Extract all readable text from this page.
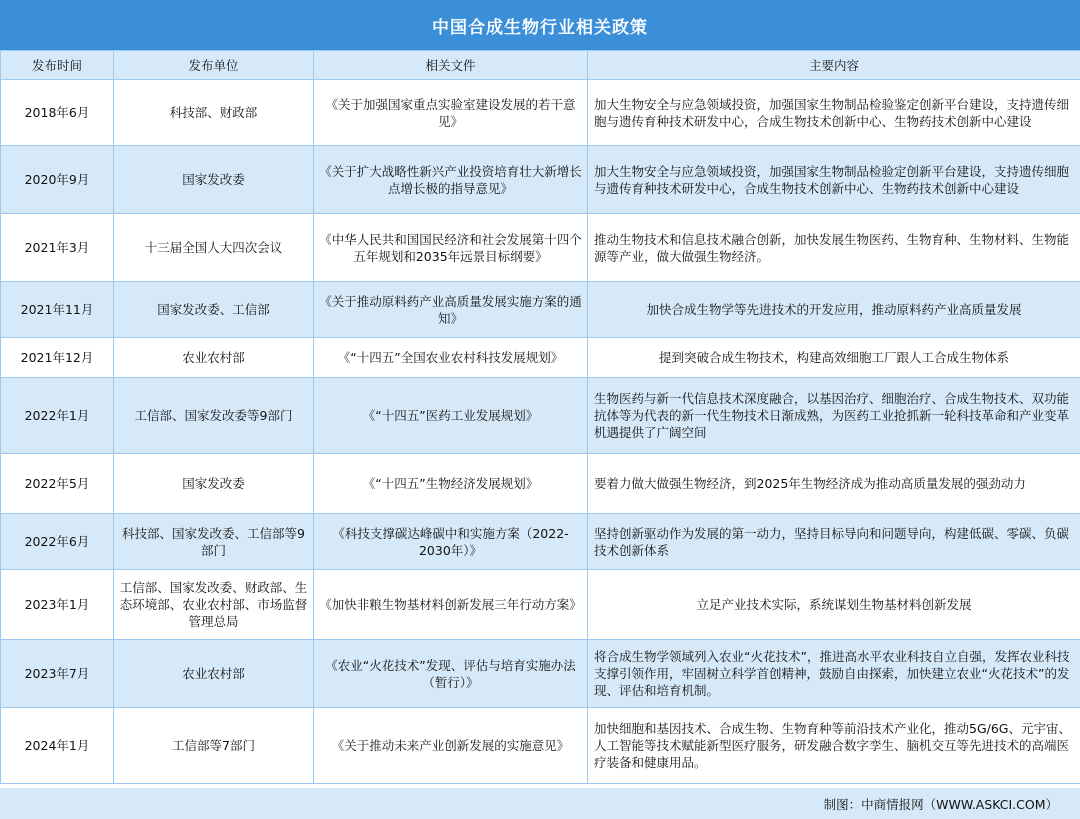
中国合成生物行业相关政策
发布时间	发布单位	相关文件	主要内容
2018年6月	科技部、财政部	《关于加强国家重点实验室建设发展的若干意见》	加大生物安全与应急领域投资，加强国家生物制品检验鉴定创新平台建设，支持遗传细胞与遗传育种技术研发中心，合成生物技术创新中心、生物药技术创新中心建设
2020年9月	国家发改委	《关于扩大战略性新兴产业投资培育壮大新增长点增长极的指导意见》	加大生物安全与应急领域投资，加强国家生物制品检验定创新平台建设，支持遗传细胞与遗传育种技术研发中心，合成生物技术创新中心、生物药技术创新中心建设
2021年3月	十三届全国人大四次会议	《中华人民共和国国民经济和社会发展第十四个五年规划和2035年远景目标纲要》	推动生物技术和信息技术融合创新，加快发展生物医药、生物育种、生物材料、生物能源等产业，做大做强生物经济。
2021年11月	国家发改委、工信部	《关于推动原料药产业高质量发展实施方案的通知》	加快合成生物学等先进技术的开发应用，推动原料药产业高质量发展
2021年12月	农业农村部	《“十四五”全国农业农村科技发展规划》	提到突破合成生物技术，构建高效细胞工厂跟人工合成生物体系
2022年1月	工信部、国家发改委等9部门	《“十四五”医药工业发展规划》	生物医药与新一代信息技术深度融合，以基因治疗、细胞治疗、合成生物技术、双功能抗体等为代表的新一代生物技术日渐成熟，为医药工业抢抓新一轮科技革命和产业变革机遇提供了广阔空间
2022年5月	国家发改委	《“十四五”生物经济发展规划》	要着力做大做强生物经济，到2025年生物经济成为推动高质量发展的强劲动力
2022年6月	科技部、国家发改委、工信部等9部门	《科技支撑碳达峰碳中和实施方案（2022-2030年）》	坚持创新驱动作为发展的第一动力，坚持目标导向和问题导向，构建低碳、零碳、负碳技术创新体系
2023年1月	工信部、国家发改委、财政部、生态环境部、农业农村部、市场监督管理总局	《加快非粮生物基材料创新发展三年行动方案》	立足产业技术实际，系统谋划生物基材料创新发展
2023年7月	农业农村部	《农业“火花技术”发现、评估与培育实施办法（暂行）》	将合成生物学领域列入农业“火花技术”，推进高水平农业科技自立自强，发挥农业科技支撑引领作用，牢固树立科学首创精神，鼓励自由探索，加快建立农业“火花技术”的发现、评估和培育机制。
2024年1月	工信部等7部门	《关于推动未来产业创新发展的实施意见》	加快细胞和基因技术、合成生物、生物育种等前沿技术产业化，推动5G/6G、元宇宙、人工智能等技术赋能新型医疗服务，研发融合数字孪生、脑机交互等先进技术的高端医疗装备和健康用品。
制图：中商情报网（WWW.ASKCI.COM）
